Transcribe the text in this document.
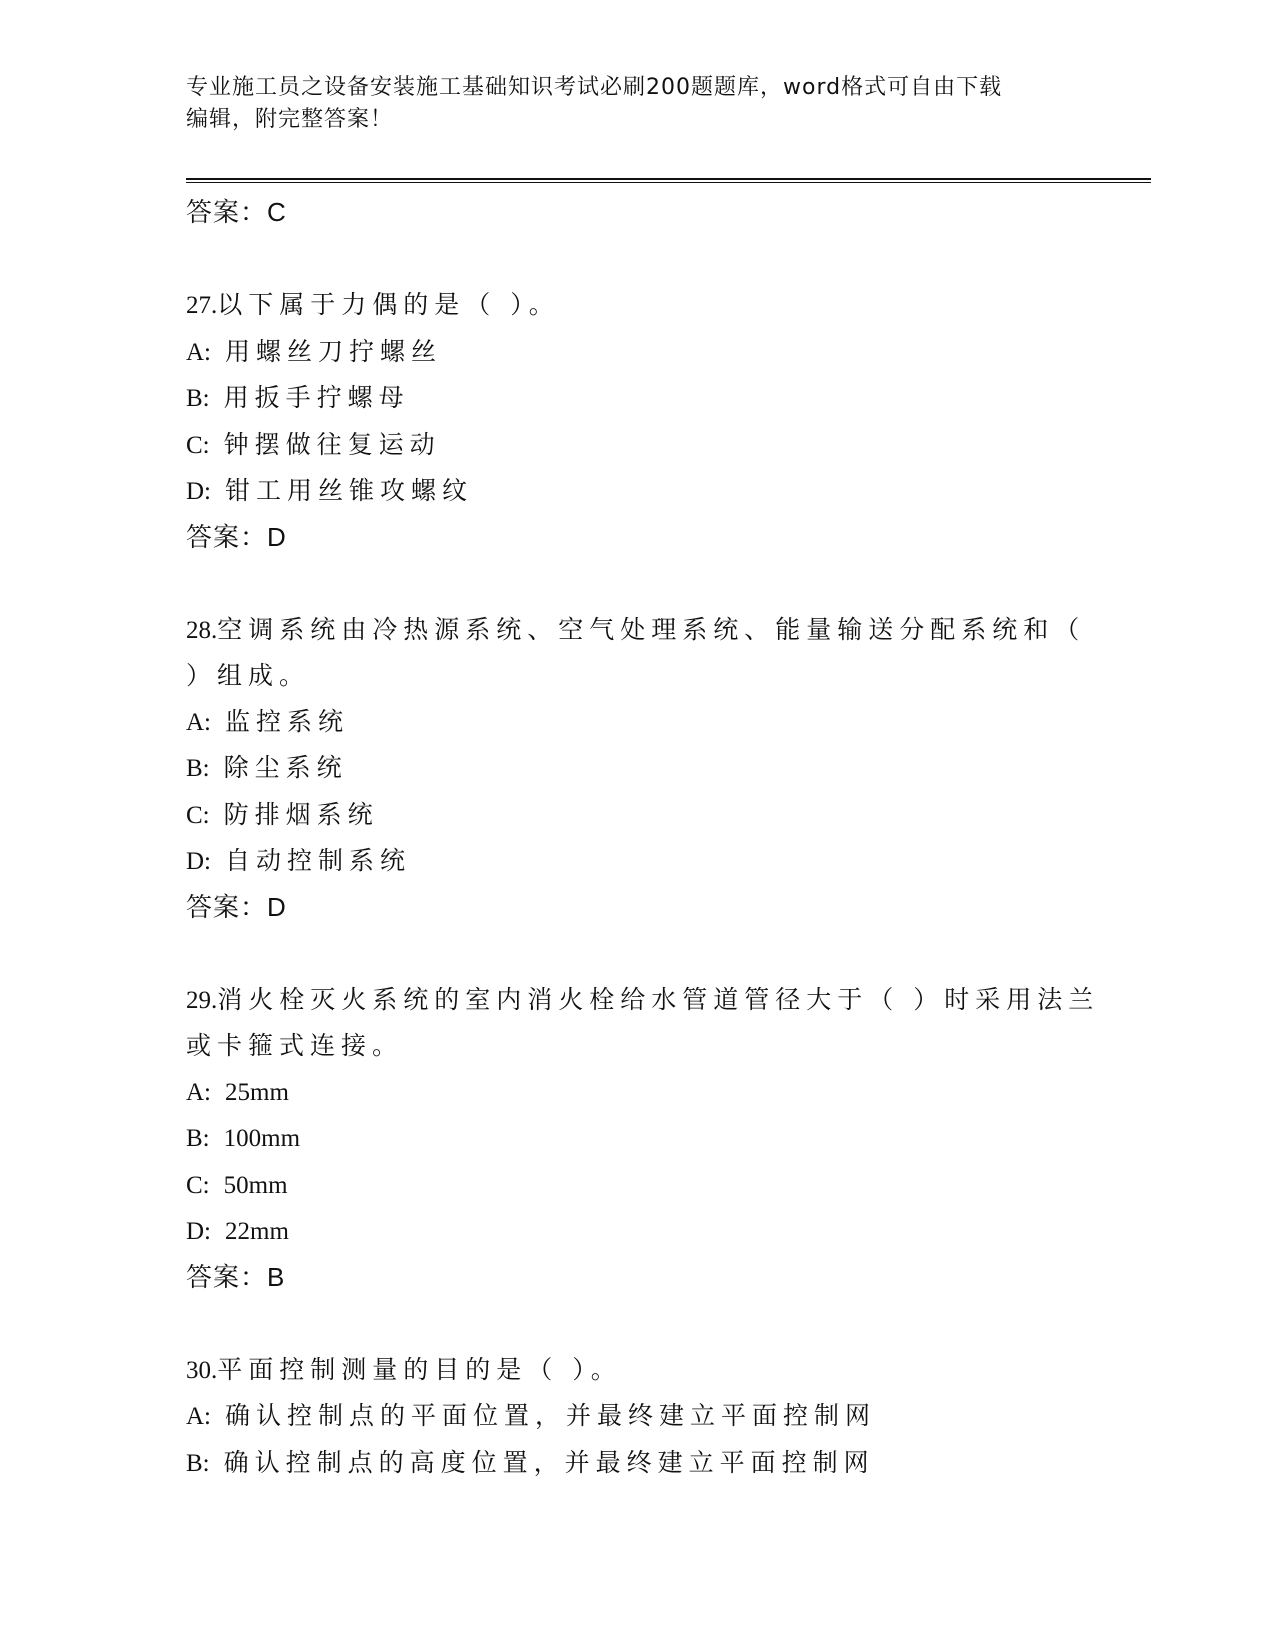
专业施工员之设备安装施工基础知识考试必刷200题题库，word格式可自由下载
编辑，附完整答案！
答案：C
27.以下属于力偶的是（ ）。
A: 用螺丝刀拧螺丝
B: 用扳手拧螺母
C: 钟摆做往复运动
D: 钳工用丝锥攻螺纹
答案：D
28.空调系统由冷热源系统、空气处理系统、能量输送分配系统和（
）组成。
A: 监控系统
B: 除尘系统
C: 防排烟系统
D: 自动控制系统
答案：D
29.消火栓灭火系统的室内消火栓给水管道管径大于（ ）时采用法兰
或卡箍式连接。
A: 25mm
B: 100mm
C: 50mm
D: 22mm
答案：B
30.平面控制测量的目的是（ ）。
A: 确认控制点的平面位置，并最终建立平面控制网
B: 确认控制点的高度位置，并最终建立平面控制网
